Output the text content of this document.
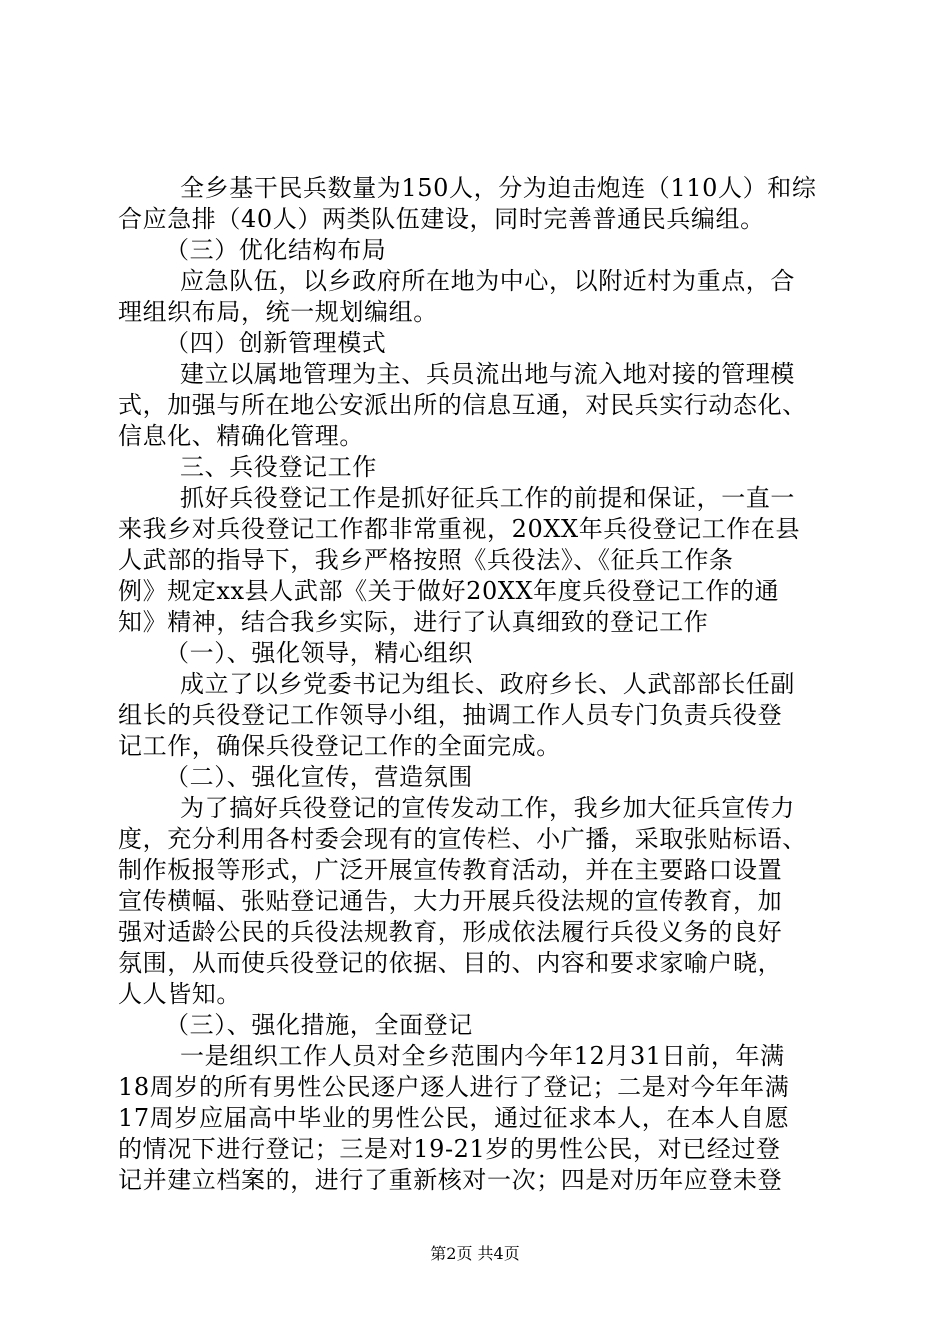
全乡基干民兵数量为150人，分为迫击炮连（110人）和综
合应急排（40人）两类队伍建设，同时完善普通民兵编组。
（三）优化结构布局
应急队伍，以乡政府所在地为中心，以附近村为重点，合
理组织布局，统一规划编组。
（四）创新管理模式
建立以属地管理为主、兵员流出地与流入地对接的管理模
式，加强与所在地公安派出所的信息互通，对民兵实行动态化、
信息化、精确化管理。
三、兵役登记工作
抓好兵役登记工作是抓好征兵工作的前提和保证，一直一
来我乡对兵役登记工作都非常重视，20XX年兵役登记工作在县
人武部的指导下，我乡严格按照《兵役法》、《征兵工作条
例》规定xx县人武部《关于做好20XX年度兵役登记工作的通
知》精神，结合我乡实际，进行了认真细致的登记工作
（一）、强化领导，精心组织
成立了以乡党委书记为组长、政府乡长、人武部部长任副
组长的兵役登记工作领导小组，抽调工作人员专门负责兵役登
记工作，确保兵役登记工作的全面完成。
（二）、强化宣传，营造氛围
为了搞好兵役登记的宣传发动工作，我乡加大征兵宣传力
度，充分利用各村委会现有的宣传栏、小广播，采取张贴标语、
制作板报等形式，广泛开展宣传教育活动，并在主要路口设置
宣传横幅、张贴登记通告，大力开展兵役法规的宣传教育，加
强对适龄公民的兵役法规教育，形成依法履行兵役义务的良好
氛围，从而使兵役登记的依据、目的、内容和要求家喻户晓，
人人皆知。
（三）、强化措施，全面登记
一是组织工作人员对全乡范围内今年12月31日前，年满
18周岁的所有男性公民逐户逐人进行了登记；二是对今年年满
17周岁应届高中毕业的男性公民，通过征求本人，在本人自愿
的情况下进行登记；三是对19-21岁的男性公民，对已经过登
记并建立档案的，进行了重新核对一次；四是对历年应登未登
第2页 共4页
